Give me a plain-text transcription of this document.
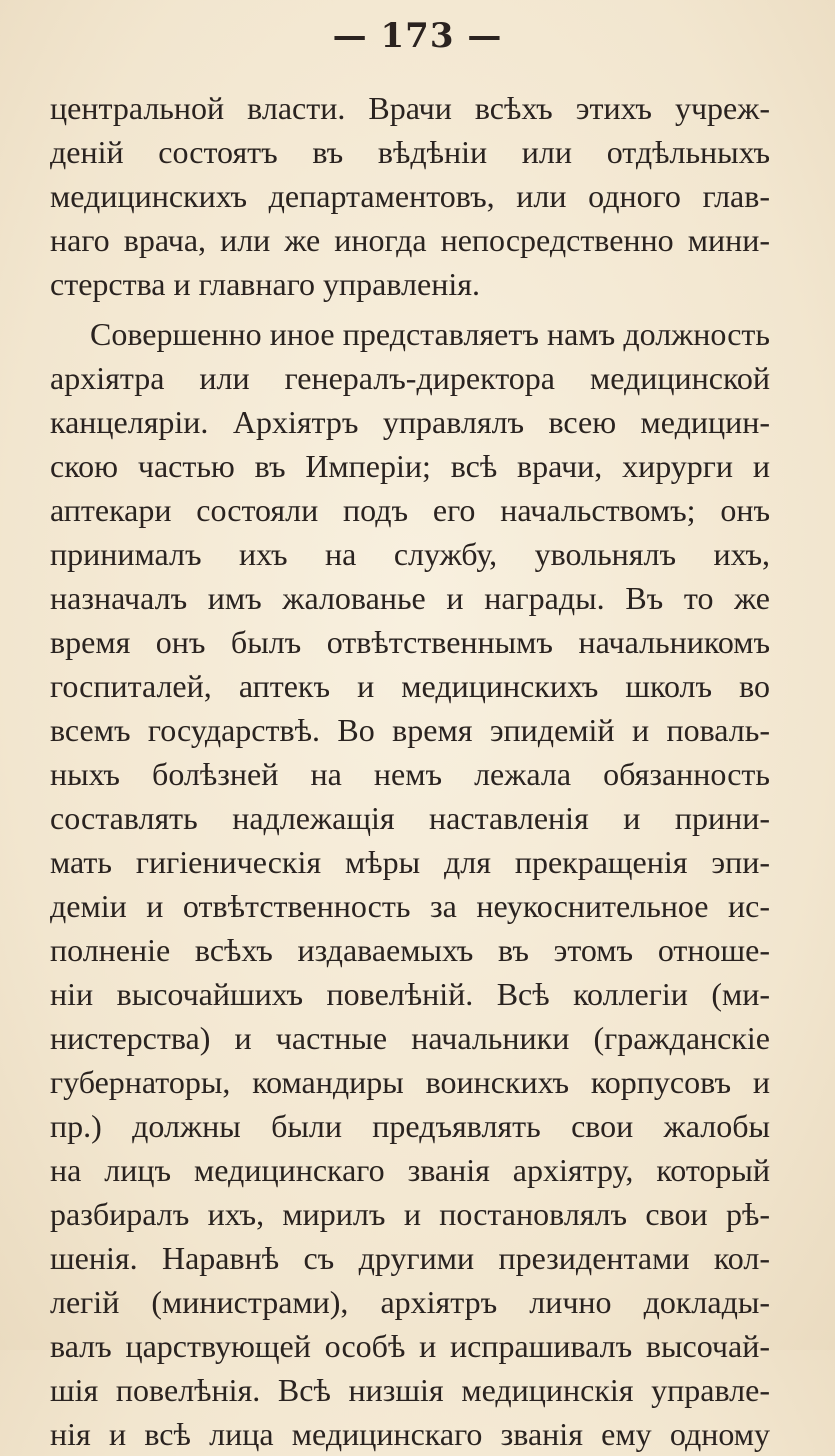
— 173 —
центральной власти. Врачи всѣхъ этихъ учреж-
деній состоятъ въ вѣдѣніи или отдѣльныхъ
медицинскихъ департаментовъ, или одного глав-
наго врача, или же иногда непосредственно мини-
стерства и главнаго управленія.
Совершенно иное представляетъ намъ должность
архіятра или генералъ-директора медицинской
канцеляріи. Архіятръ управлялъ всею медицин-
скою частью въ Имперіи; всѣ врачи, хирурги и
аптекари состояли подъ его начальствомъ; онъ
принималъ ихъ на службу, увольнялъ ихъ,
назначалъ имъ жалованье и награды. Въ то же
время онъ былъ отвѣтственнымъ начальникомъ
госпиталей, аптекъ и медицинскихъ школъ во
всемъ государствѣ. Во время эпидемій и поваль-
ныхъ болѣзней на немъ лежала обязанность
составлять надлежащія наставленія и прини-
мать гигіеническія мѣры для прекращенія эпи-
деміи и отвѣтственность за неукоснительное ис-
полненіе всѣхъ издаваемыхъ въ этомъ отноше-
ніи высочайшихъ повелѣній. Всѣ коллегіи (ми-
нистерства) и частные начальники (гражданскіе
губернаторы, командиры воинскихъ корпусовъ и
пр.) должны были предъявлять свои жалобы
на лицъ медицинскаго званія архіятру, который
разбиралъ ихъ, мирилъ и постановлялъ свои рѣ-
шенія. Наравнѣ съ другими президентами кол-
легій (министрами), архіятръ лично доклады-
валъ царствующей особѣ и испрашивалъ высочай-
шія повелѣнія. Всѣ низшія медицинскія управле-
нія и всѣ лица медицинскаго званія ему одному
